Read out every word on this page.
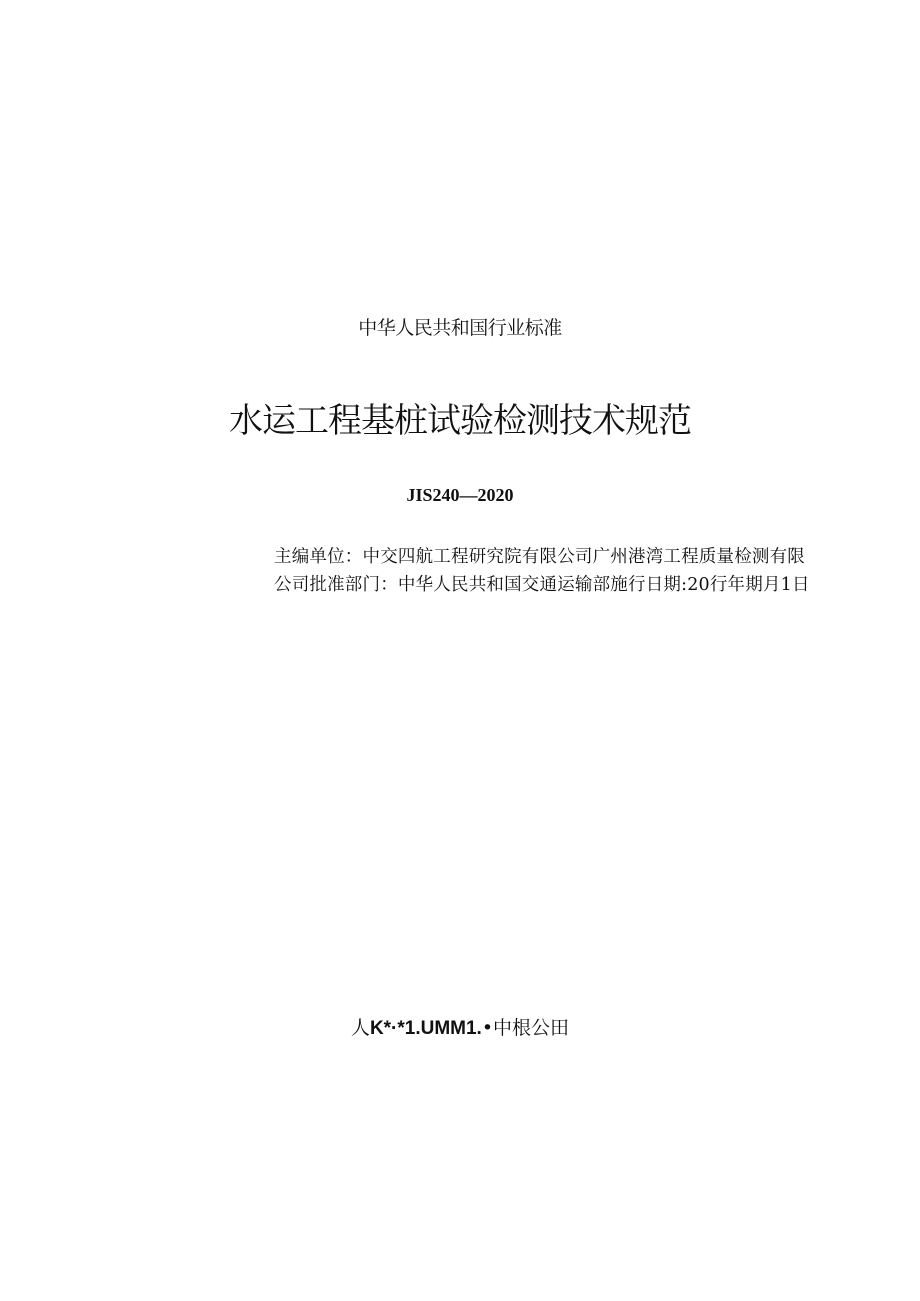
中华人民共和国行业标准
水运工程基桩试验检测技术规范
JIS240—2020
主编单位：中交四航工程研究院有限公司广州港湾工程质量检测有限公司批准部门：中华人民共和国交通运输部施行日期:20行年期月1日
人K*·*1.UMM1.•中根公田
